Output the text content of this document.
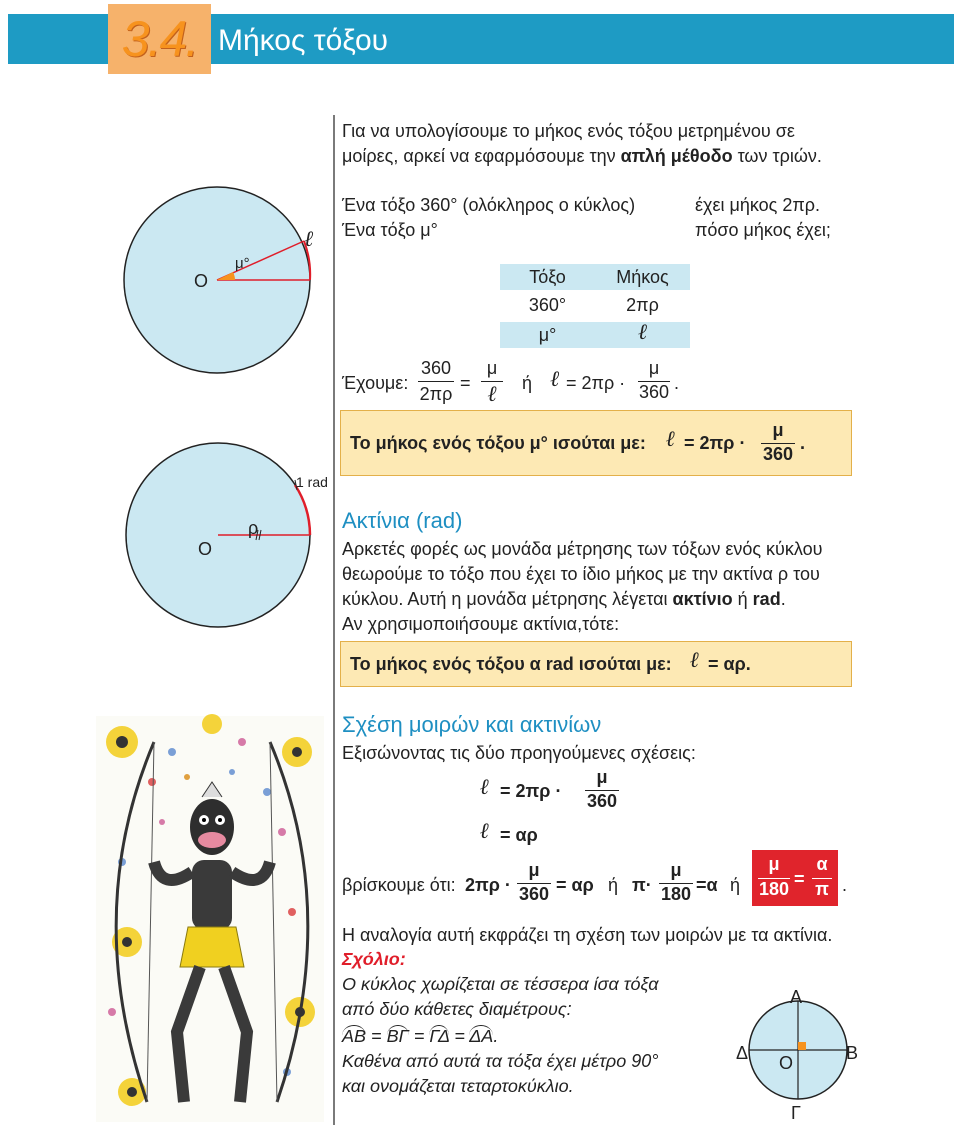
3.4. Μήκος τόξου
Για να υπολογίσουμε το μήκος ενός τόξου μετρημένου σε
μοίρες, αρκεί να εφαρμόσουμε την απλή μέθοδο των τριών.
Ένα τόξο 360° (ολόκληρος ο κύκλος)	έχει μήκος 2πρ.
Ένα τόξο μ°	πόσο μήκος έχει;
Ο
μ°
ℓ
Τόξο	Μήκος
360°	2πρ
μ°	ℓ
Έχουμε:
360
2πρ
=
μ
ℓ	ή ℓ = 2πρ ·
μ
360 .
Το μήκος ενός τόξου μ° ισούται με: ℓ = 2πρ ·
μ
360
.
Ο
ρ
1 rad
Ακτίνια (rad)
Αρκετές φορές ως μονάδα μέτρησης των τόξων ενός κύκλου
θεωρούμε το τόξο που έχει το ίδιο μήκος με την ακτίνα ρ του
κύκλου. Αυτή η μονάδα μέτρησης λέγεται ακτίνιο ή rad.
Αν χρησιμοποιήσουμε ακτίνια,τότε:
Το μήκος ενός τόξου α rad ισούται με: ℓ = αρ.
Σχέση μοιρών και ακτινίων
Εξισώνοντας τις δύο προηγούμενες σχέσεις:
ℓ = 2πρ ·
μ
360
ℓ = αρ
βρίσκουμε ότι: 2πρ ·
μ
360 = αρ ή π·
μ
180 =α ή
μ
180 =
α
π .
Η αναλογία αυτή εκφράζει τη σχέση των μοιρών με τα ακτίνια.
Σχόλιο:
Ο κύκλος χωρίζεται σε τέσσερα ίσα τόξα
από δύο κάθετες διαμέτρους:
ΑΒ = ΒΓ = ΓΔ = ΔΑ.
Καθένα από αυτά τα τόξα έχει μέτρο 90°
και ονομάζεται τεταρτοκύκλιο.
Α
Β
Γ
Δ Ο
